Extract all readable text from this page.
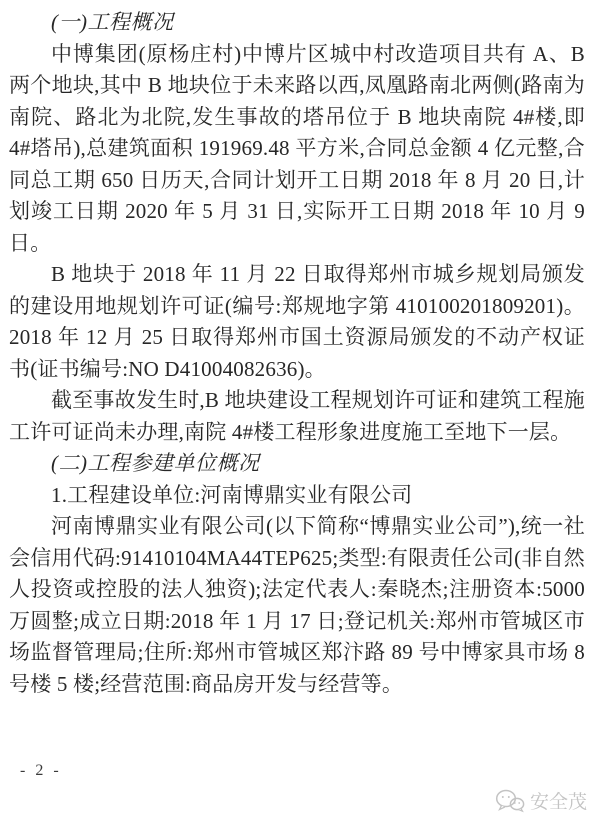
(一)工程概况

中博集团(原杨庄村)中博片区城中村改造项目共有 A、B 两个地块,其中 B 地块位于未来路以西,凤凰路南北两侧(路南为南院、路北为北院,发生事故的塔吊位于 B 地块南院 4#楼,即 4#塔吊),总建筑面积 191969.48 平方米,合同总金额 4 亿元整,合同总工期 650 日历天,合同计划开工日期 2018 年 8 月 20 日,计划竣工日期 2020 年 5 月 31 日,实际开工日期 2018 年 10 月 9 日。

B 地块于 2018 年 11 月 22 日取得郑州市城乡规划局颁发的建设用地规划许可证(编号:郑规地字第 410100201809201)。2018 年 12 月 25 日取得郑州市国土资源局颁发的不动产权证书(证书编号:NO D41004082636)。

截至事故发生时,B 地块建设工程规划许可证和建筑工程施工许可证尚未办理,南院 4#楼工程形象进度施工至地下一层。

(二)工程参建单位概况

1.工程建设单位:河南博鼎实业有限公司

河南博鼎实业有限公司(以下简称“博鼎实业公司”),统一社会信用代码:91410104MA44TEP625;类型:有限责任公司(非自然人投资或控股的法人独资);法定代表人:秦晓杰;注册资本:5000 万圆整;成立日期:2018 年 1 月 17 日;登记机关:郑州市管城区市场监督管理局;住所:郑州市管城区郑汴路 89 号中博家具市场 8 号楼 5 楼;经营范围:商品房开发与经营等。

- 2 -
安全茂
